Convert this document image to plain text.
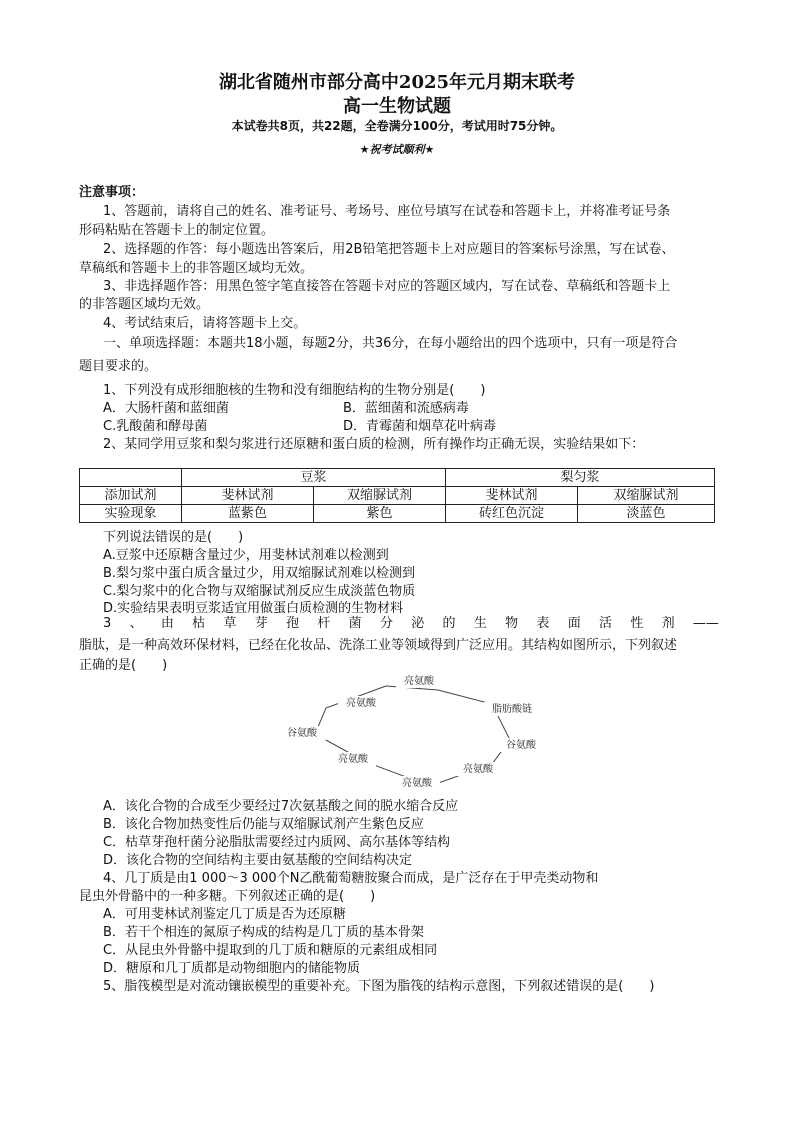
湖北省随州市部分高中2025年元月期末联考
高一生物试题
本试卷共8页，共22题，全卷满分100分，考试用时75分钟。
★祝考试顺利★
注意事项：
1、答题前，请将自己的姓名、准考证号、考场号、座位号填写在试卷和答题卡上，并将准考证号条
形码粘贴在答题卡上的制定位置。
2、选择题的作答：每小题选出答案后，用2B铅笔把答题卡上对应题目的答案标号涂黑，写在试卷、
草稿纸和答题卡上的非答题区域均无效。
3、非选择题作答：用黑色签字笔直接答在答题卡对应的答题区域内，写在试卷、草稿纸和答题卡上
的非答题区域均无效。
4、考试结束后，请将答题卡上交。
一、单项选择题：本题共18小题，每题2分，共36分，在每小题给出的四个选项中，只有一项是符合
题目要求的。
1、下列没有成形细胞核的生物和没有细胞结构的生物分别是(　　)
A．大肠杆菌和蓝细菌	B．蓝细菌和流感病毒
C.乳酸菌和酵母菌	D．青霉菌和烟草花叶病毒
2、某同学用豆浆和梨匀浆进行还原糖和蛋白质的检测，所有操作均正确无误，实验结果如下：
	豆浆		梨匀浆	
添加试剂	斐林试剂	双缩脲试剂	斐林试剂	双缩脲试剂
实验现象	蓝紫色	紫色	砖红色沉淀	淡蓝色
下列说法错误的是(　　)
A.豆浆中还原糖含量过少，用斐林试剂难以检测到
B.梨匀浆中蛋白质含量过少，用双缩脲试剂难以检测到
C.梨匀浆中的化合物与双缩脲试剂反应生成淡蓝色物质
D.实验结果表明豆浆适宜用做蛋白质检测的生物材料
3 、 由 枯 草 芽 孢 杆 菌 分 泌 的 生 物 表 面 活 性 剂 ——
脂肽，是一种高效环保材料，已经在化妆品、洗涤工业等领域得到广泛应用。其结构如图所示，下列叙述
正确的是(　　)
亮氨酸
亮氨酸
脂肪酸链
谷氨酸
谷氨酸
亮氨酸
亮氨酸
亮氨酸
A．该化合物的合成至少要经过7次氨基酸之间的脱水缩合反应
B．该化合物加热变性后仍能与双缩脲试剂产生紫色反应
C．枯草芽孢杆菌分泌脂肽需要经过内质网、高尔基体等结构
D．该化合物的空间结构主要由氨基酸的空间结构决定
4、几丁质是由1 000～3 000个N乙酰葡萄糖胺聚合而成，是广泛存在于甲壳类动物和
昆虫外骨骼中的一种多糖。下列叙述正确的是(　　)
A．可用斐林试剂鉴定几丁质是否为还原糖
B．若干个相连的氮原子构成的结构是几丁质的基本骨架
C．从昆虫外骨骼中提取到的几丁质和糖原的元素组成相同
D．糖原和几丁质都是动物细胞内的储能物质
5、脂筏模型是对流动镶嵌模型的重要补充。下图为脂筏的结构示意图，下列叙述错误的是(　　)
